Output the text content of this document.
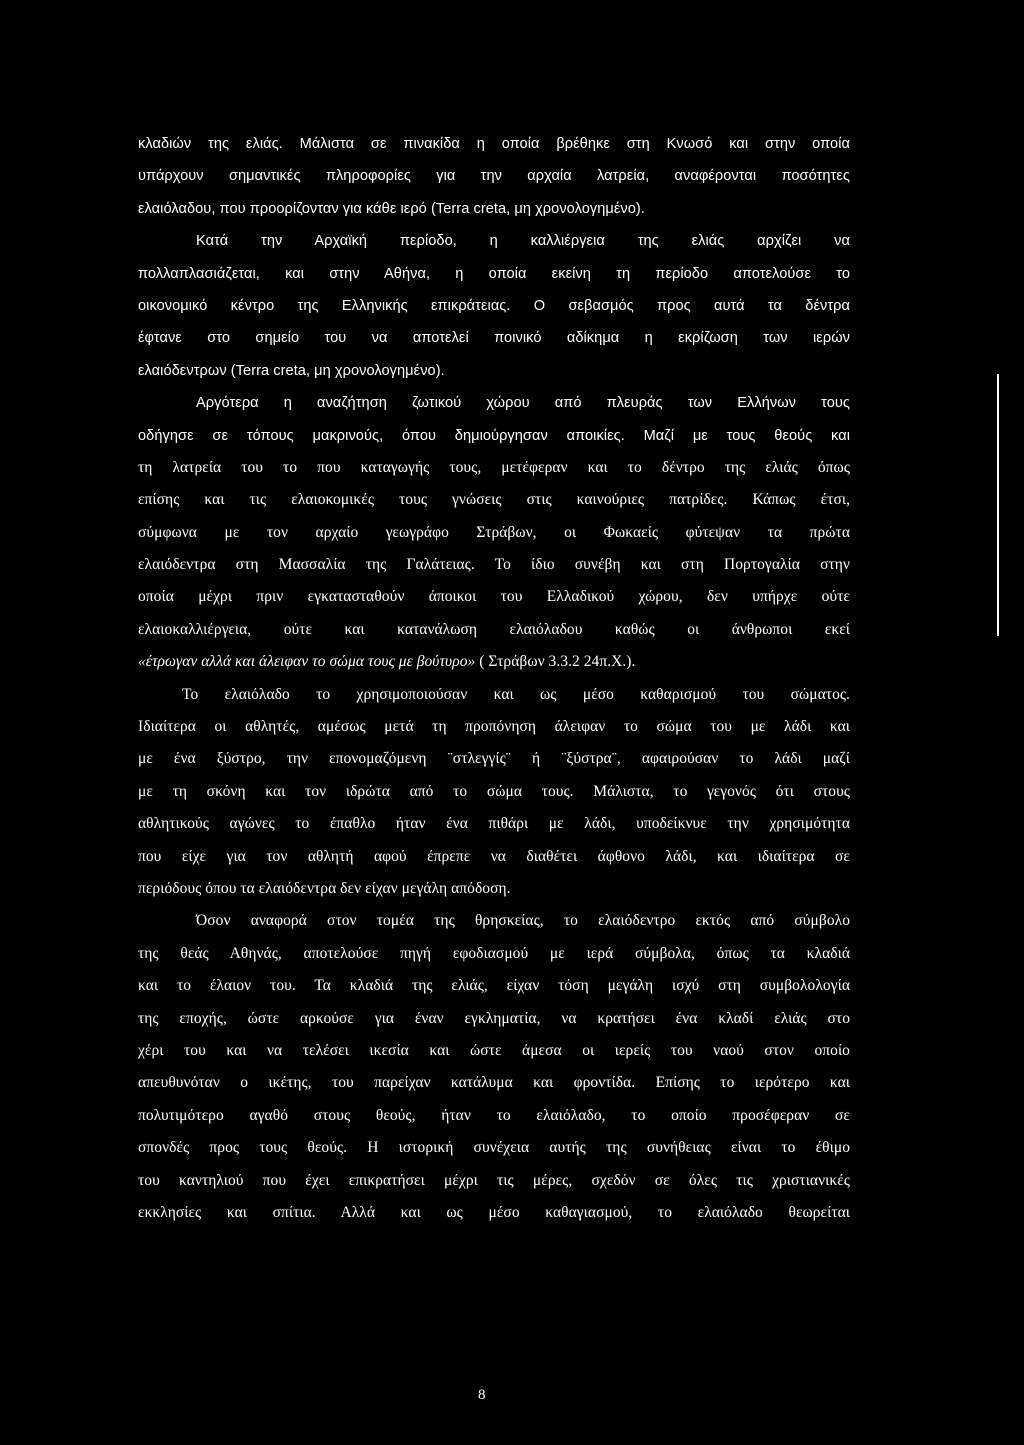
κλαδιών της ελιάς. Μάλιστα σε πινακίδα η οποία βρέθηκε στη Κνωσό και στην οποία
υπάρχουν σημαντικές πληροφορίες για την αρχαία λατρεία, αναφέρονται ποσότητες
ελαιόλαδου, που προορίζονταν για κάθε ιερό (Terra creta, μη χρονολογημένο).
Κατά την Αρχαϊκή περίοδο, η καλλιέργεια της ελιάς αρχίζει να
πολλαπλασιάζεται, και στην Αθήνα, η οποία εκείνη τη περίοδο αποτελούσε το
οικονομικό κέντρο της Ελληνικής επικράτειας. Ο σεβασμός προς αυτά τα δέντρα
έφτανε στο σημείο του να αποτελεί ποινικό αδίκημα η εκρίζωση των ιερών
ελαιόδεντρων (Terra creta, μη χρονολογημένο).
Αργότερα η αναζήτηση ζωτικού χώρου από πλευράς των Ελλήνων τους
οδήγησε σε τόπους μακρινούς, όπου δημιούργησαν αποικίες. Μαζί με τους θεούς και
τη λατρεία του το που καταγωγής τους, μετέφεραν και το δέντρο της ελιάς όπως
επίσης και τις ελαιοκομικές τους γνώσεις στις καινούριες πατρίδες. Κάπως έτσι,
σύμφωνα με τον αρχαίο γεωγράφο Στράβων, οι Φωκαείς φύτεψαν τα πρώτα
ελαιόδεντρα στη Μασσαλία της Γαλάτειας. Το ίδιο συνέβη και στη Πορτογαλία στην
οποία μέχρι πριν εγκατασταθούν άποικοι του Ελλαδικού χώρου, δεν υπήρχε ούτε
ελαιοκαλλιέργεια, ούτε και κατανάλωση ελαιόλαδου καθώς οι άνθρωποι εκεί
«έτρωγαν αλλά και άλειφαν το σώμα τους με βούτυρο» ( Στράβων 3.3.2 24π.Χ.).
Το ελαιόλαδο το χρησιμοποιούσαν και ως μέσο καθαρισμού του σώματος.
Ιδιαίτερα οι αθλητές, αμέσως μετά τη προπόνηση άλειφαν το σώμα του με λάδι και
με ένα ξύστρο, την επονομαζόμενη ¨στλεγγίς¨ ή ¨ξύστρα¨, αφαιρούσαν το λάδι μαζί
με τη σκόνη και τον ιδρώτα από το σώμα τους. Μάλιστα, το γεγονός ότι στους
αθλητικούς αγώνες το έπαθλο ήταν ένα πιθάρι με λάδι, υποδείκνυε την χρησιμότητα
που είχε για τον αθλητή αφού έπρεπε να διαθέτει άφθονο λάδι, και ιδιαίτερα σε
περιόδους όπου τα ελαιόδεντρα δεν είχαν μεγάλη απόδοση.
Όσον αναφορά στον τομέα της θρησκείας, το ελαιόδεντρο εκτός από σύμβολο
της θεάς Αθηνάς, αποτελούσε πηγή εφοδιασμού με ιερά σύμβολα, όπως τα κλαδιά
και το έλαιον του. Τα κλαδιά της ελιάς, είχαν τόση μεγάλη ισχύ στη συμβολολογία
της εποχής, ώστε αρκούσε για έναν εγκληματία, να κρατήσει ένα κλαδί ελιάς στο
χέρι του και να τελέσει ικεσία και ώστε άμεσα οι ιερείς του ναού στον οποίο
απευθυνόταν ο ικέτης, του παρείχαν κατάλυμα και φροντίδα. Επίσης το ιερότερο και
πολυτιμότερο αγαθό στους θεούς, ήταν το ελαιόλαδο, το οποίο προσέφεραν σε
σπονδές προς τους θεούς. Η ιστορική συνέχεια αυτής της συνήθειας είναι το έθιμο
του καντηλιού που έχει επικρατήσει μέχρι τις μέρες, σχεδόν σε όλες τις χριστιανικές
εκκλησίες και σπίτια. Αλλά και ως μέσο καθαγιασμού, το ελαιόλαδο θεωρείται
8
